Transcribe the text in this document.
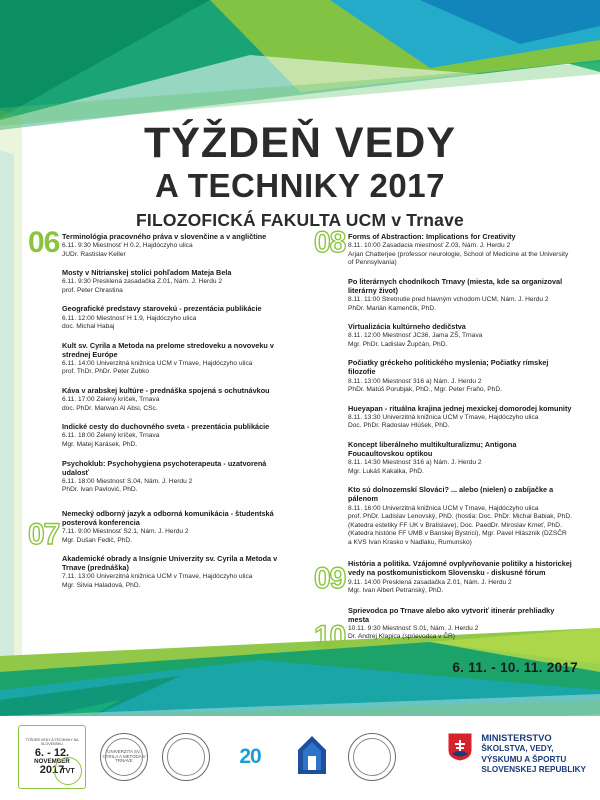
TÝŽDEŇ VEDY
A TECHNIKY 2017
FILOZOFICKÁ FAKULTA UCM v Trnave
06
07

Terminológia pracovného práva v slovenčine a v angličtine

6.11. 9:30 Miestnosť H 0.2, Hajdóczyho ulica

JUDr. Rastislav Keller

Mosty v Nitrianskej stolici pohľadom Mateja Bela

6.11. 9:30 Presklená zasadačka Z.01, Nám. J. Herdu 2

prof. Peter Chrastina

Geografické predstavy starovekú - prezentácia publikácie

6.11. 12:00 Miestnosť H 1.9, Hajdóczyho ulica

doc. Michal Habaj

Kult sv. Cyrila a Metoda na prelome stredoveku a novoveku v strednej Európe

6.11. 14:00 Univerzitná knižnica UCM v Trnave, Hajdóczyho ulica

prof. ThDr. PhDr. Peter Zubko

Káva v arabskej kultúre - prednáška spojená s ochutnávkou

6.11. 17:00 Zelený kríček, Trnava

doc. PhDr. Marwan Al Absi, CSc.

Indické cesty do duchovného sveta - prezentácia publikácie

6.11. 18:00 Zelený kríček, Trnava

Mgr. Matej Karásek, PhD.

Psychoklub: Psychohygiena psychoterapeuta - uzatvorená udalosť

6.11. 18:00 Miestnosť S.04, Nám. J. Herdu 2

PhDr. Ivan Pavlovič, PhD.

Nemecký odborný jazyk a odborná komunikácia - študentská posterová konferencia

7.11. 9:00 Miestnosť S2.1, Nám. J. Herdu 2

Mgr. Dušan Fedič, PhD.

Akademické obrady a Insígnie Univerzity sv. Cyrila a Metoda v Trnave (prednáška)

7.11. 13:00 Univerzitná knižnica UCM v Trnave, Hajdóczyho ulica

Mgr. Silvia Haladová, PhD.

08
09
10

Forms of Abstraction: Implications for Creativity

8.11. 10:00 Zasadacia miestnosť Z.03, Nám. J. Herdu 2

Arjan Chatterjee (professor neurologie, School of Medicine at the University of Pennsylvania)

Po literárnych chodníkoch Trnavy (miesta, kde sa organizoval literárny život)

8.11. 11:00 Stretnutie pred hlavným vchodom UCM, Nám. J. Herdu 2

PhDr. Marián Kamenčík, PhD.

Virtualizácia kultúrneho dedičstva

8.11. 12:00 Miestnosť JC36, Jama ZŠ, Trnava

Mgr. PhDr. Ladislav Župčán, PhD.

Počiatky gréckeho politického myslenia; Počiatky rímskej filozofie

8.11. 13:00 Miestnosť 316 a) Nám. J. Herdu 2

PhDr. Matúš Porubjak, PhD., Mgr. Peter Fraňo, PhD.

Hueyapan - rituálna krajina jednej mexickej domorodej komunity

8.11. 13:30 Univerzitná knižnica UCM v Trnave, Hajdóczyho ulica

Doc. PhDr. Radoslav Hlúšek, PhD.

Koncept liberálneho multikulturalizmu; Antigona Foucaultovskou optikou

8.11. 14:30 Miestnosť 316 a) Nám. J. Herdu 2

Mgr. Lukáš Kakalka, PhD.

Kto sú dolnozemskí Slováci? ... alebo (nielen) o zabíjačke a pálenom

8.11. 16:00 Univerzitná knižnica UCM v Trnave, Hajdóczyho ulica

prof. PhDr. Ladislav Lenovský, PhD. (hostia: Doc. PhDr. Michal Babiak, PhD. (Katedra estetiky FF UK v Bratislave), Doc. PaedDr. Miroslav Kmeť, PhD. (Katedra histórie FF UMB v Banskej Bystrici), Mgr. Pavel Hlásznik (DZSČR a KVS Ivan Krasko v Nadlaku, Rumunsko)

História a politika. Vzájomné ovplyvňovanie politiky a historickej vedy na postkomunistickom Slovensku - diskusné fórum

9.11. 14:00 Presklená zasadačka Z.01, Nám. J. Herdu 2

Mgr. Ivan Albert Petranský, PhD.

Sprievodca po Trnave alebo ako vytvoriť itinerár prehliadky mesta

10.11. 9:30 Miestnosť S.01, Nám. J. Herdu 2

Dr. Andrej Klapica (sprievodca v ČR)

6. 11. - 10. 11. 2017
TÝŽDEŇ VEDY A TECHNIKY NA SLOVENSKU
6. - 12.
NOVEMBER
2017
TVT
UNIVERZITA SV. CYRILA A METODA V TRNAVE	20
MINISTERSTVO
ŠKOLSTVA, VEDY,
VÝSKUMU A ŠPORTU
SLOVENSKEJ REPUBLIKY
